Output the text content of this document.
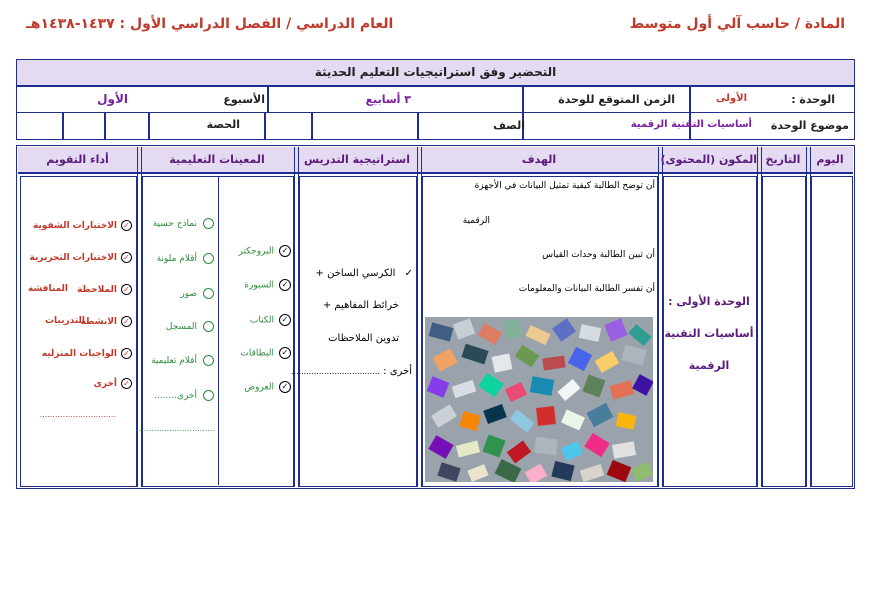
المادة / حاسب آلي أول متوسط
العام الدراسي / الفصل الدراسي الأول : ١٤٣٧-١٤٣٨هـ
التحضير وفق استراتيجيات التعليم الحديثة
الوحدة :
الأولى
الزمن المتوقع للوحدة
٣ أسابيع
الأسبوع
الأول
موضوع الوحدة
أساسيات التقنية الرقمية
الصف
الحصة
اليوم
التاريخ
المكون (المحتوى)
الهدف
استراتيجية التدريس
المعينات التعليمية
أداء التقويم
الوحدة الأولى :
أساسيات التقنية
الرقمية
أن توضح الطالبة كيفية تمثيل البيانات في الأجهزة
الرقمية
أن تبين الطالبة وحدات القياس
أن تفسر الطالبة البيانات والمعلومات
✓ الكرسي الساخن +
خرائط المفاهيم +
تدوين الملاحظات
أخرى : ...................................
✓البروجكتر
✓السبورة
✓الكتاب
✓البطاقات
✓العروض
نماذج حسية
أقلام ملونة
صور
المسجل
أفلام تعليمية
أخرى........
...............................
✓الاختبارات الشفوية
✓الاختبارات التحريرية
✓الملاحظة
المناقشة
✓الانشطه
التدريبات
✓الواجبات المنزليه
✓أخرى
..............................
